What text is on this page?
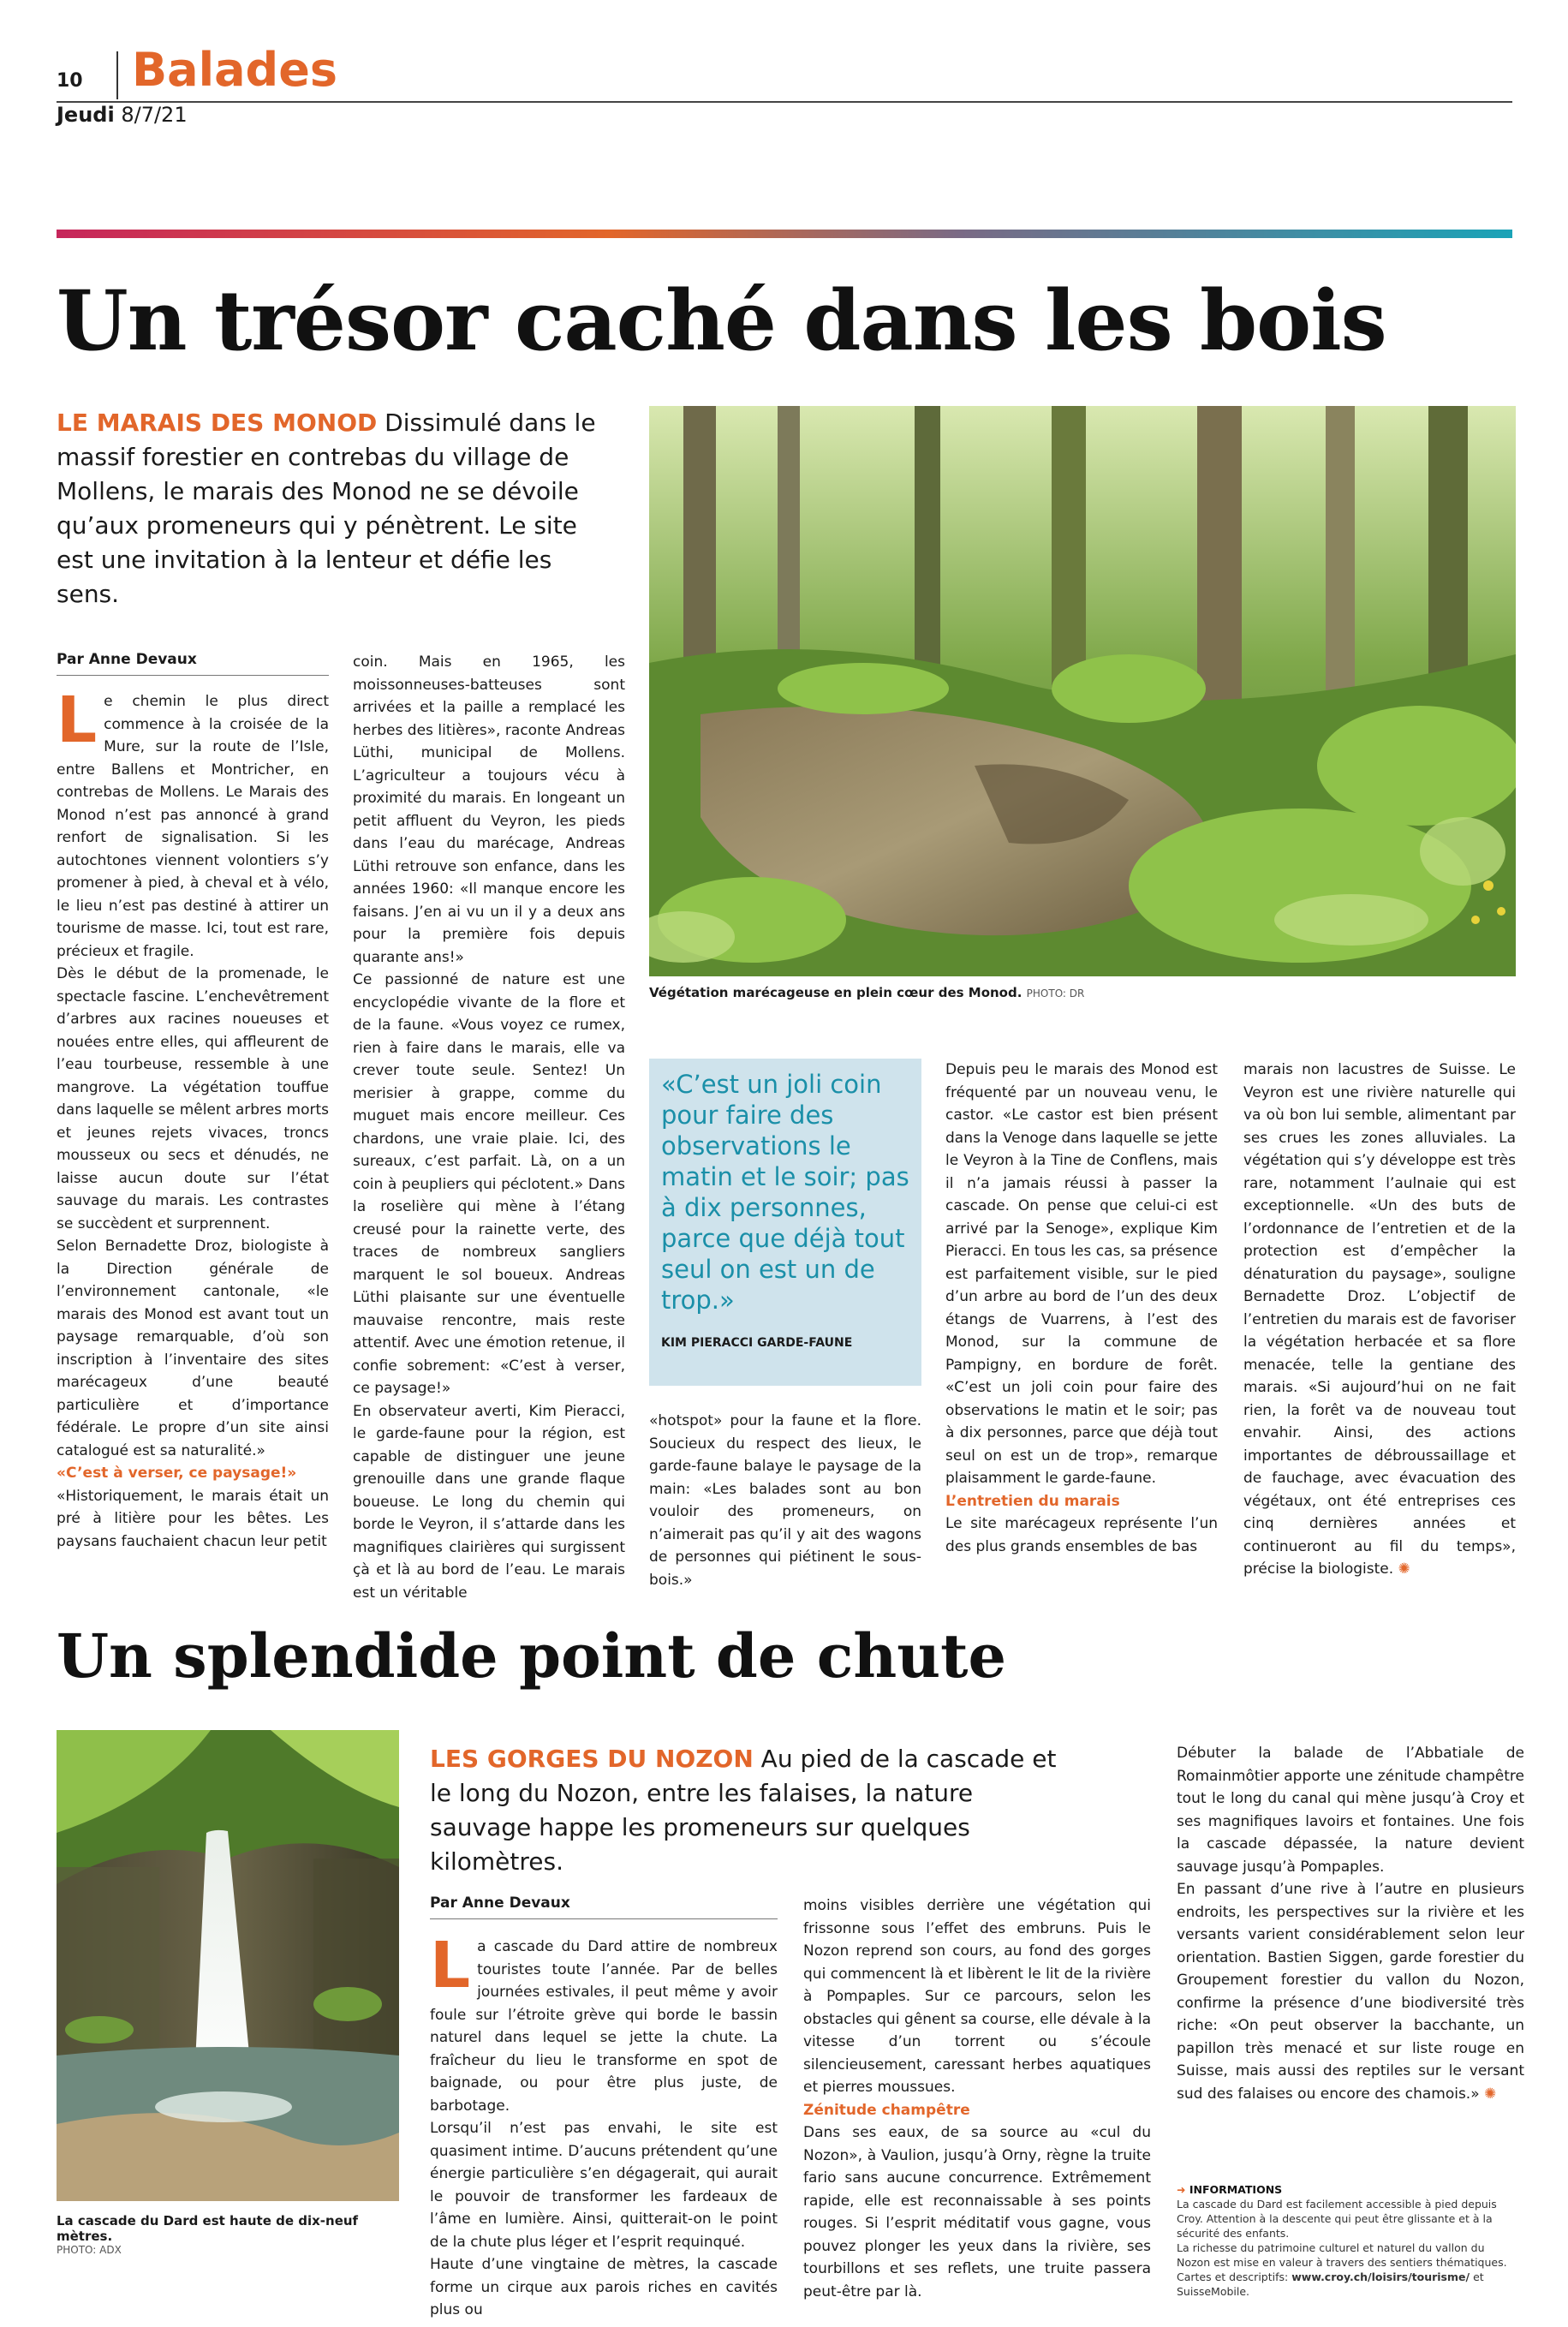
10 Balades
Jeudi 8/7/21
Un trésor caché dans les bois
LE MARAIS DES MONOD Dissimulé dans le massif forestier en contrebas du village de Mollens, le marais des Monod ne se dévoile qu’aux promeneurs qui y pénètrent. Le site est une invitation à la lenteur et défie les sens.
Végétation marécageuse en plein cœur des Monod. PHOTO: DR
Par Anne Devaux

Le chemin le plus direct commence à la croisée de la Mure, sur la route de l’Isle, entre Ballens et Montricher, en contrebas de Mollens. Le Marais des Monod n’est pas annoncé à grand renfort de signalisation. Si les autochtones viennent volontiers s’y promener à pied, à cheval et à vélo, le lieu n’est pas destiné à attirer un tourisme de masse. Ici, tout est rare, précieux et fragile.

Dès le début de la promenade, le spectacle fascine. L’enchevêtrement d’arbres aux racines noueuses et nouées entre elles, qui affleurent de l’eau tourbeuse, ressemble à une mangrove. La végétation touffue dans laquelle se mêlent arbres morts et jeunes rejets vivaces, troncs mousseux ou secs et dénudés, ne laisse aucun doute sur l’état sauvage du marais. Les contrastes se succèdent et surprennent.

Selon Bernadette Droz, biologiste à la Direction générale de l’environnement cantonale, «le marais des Monod est avant tout un paysage remarquable, d’où son inscription à l’inventaire des sites marécageux d’une beauté particulière et d’importance fédérale. Le propre d’un site ainsi catalogué est sa naturalité.»

«C’est à verser, ce paysage!»

«Historiquement, le marais était un pré à litière pour les bêtes. Les paysans fauchaient chacun leur petit

coin. Mais en 1965, les moissonneuses-batteuses sont arrivées et la paille a remplacé les herbes des litières», raconte Andreas Lüthi, municipal de Mollens. L’agriculteur a toujours vécu à proximité du marais. En longeant un petit affluent du Veyron, les pieds dans l’eau du marécage, Andreas Lüthi retrouve son enfance, dans les années 1960: «Il manque encore les faisans. J’en ai vu un il y a deux ans pour la première fois depuis quarante ans!»

Ce passionné de nature est une encyclopédie vivante de la flore et de la faune. «Vous voyez ce rumex, rien à faire dans le marais, elle va crever toute seule. Sentez! Un merisier à grappe, comme du muguet mais encore meilleur. Ces chardons, une vraie plaie. Ici, des sureaux, c’est parfait. Là, on a un coin à peupliers qui péclotent.» Dans la roselière qui mène à l’étang creusé pour la rainette verte, des traces de nombreux sangliers marquent le sol boueux. Andreas Lüthi plaisante sur une éventuelle mauvaise rencontre, mais reste attentif. Avec une émotion retenue, il confie sobrement: «C’est à verser, ce paysage!»

En observateur averti, Kim Pieracci, le garde-faune pour la région, est capable de distinguer une jeune grenouille dans une grande flaque boueuse. Le long du chemin qui borde le Veyron, il s’attarde dans les magnifiques clairières qui surgissent çà et là au bord de l’eau. Le marais est un véritable

«C’est un joli coin pour faire des observations le matin et le soir; pas à dix personnes, parce que déjà tout seul on est un de trop.»
KIM PIERACCI GARDE-FAUNE

«hotspot» pour la faune et la flore. Soucieux du respect des lieux, le garde-faune balaye le paysage de la main: «Les balades sont au bon vouloir des promeneurs, on n’aimerait pas qu’il y ait des wagons de personnes qui piétinent le sous-bois.»

Depuis peu le marais des Monod est fréquenté par un nouveau venu, le castor. «Le castor est bien présent dans la Venoge dans laquelle se jette le Veyron à la Tine de Conflens, mais il n’a jamais réussi à passer la cascade. On pense que celui-ci est arrivé par la Senoge», explique Kim Pieracci. En tous les cas, sa présence est parfaitement visible, sur le pied d’un arbre au bord de l’un des deux étangs de Vuarrens, à l’est des Monod, sur la commune de Pampigny, en bordure de forêt. «C’est un joli coin pour faire des observations le matin et le soir; pas à dix personnes, parce que déjà tout seul on est un de trop», remarque plaisamment le garde-faune.

L’entretien du marais

Le site marécageux représente l’un des plus grands ensembles de bas

marais non lacustres de Suisse. Le Veyron est une rivière naturelle qui va où bon lui semble, alimentant par ses crues les zones alluviales. La végétation qui s’y développe est très rare, notamment l’aulnaie qui est exceptionnelle. «Un des buts de l’ordonnance de l’entretien et de la protection est d’empêcher la dénaturation du paysage», souligne Bernadette Droz. L’objectif de l’entretien du marais est de favoriser la végétation herbacée et sa flore menacée, telle la gentiane des marais. «Si aujourd’hui on ne fait rien, la forêt va de nouveau tout envahir. Ainsi, des actions importantes de débroussaillage et de fauchage, avec évacuation des végétaux, ont été entreprises ces cinq dernières années et continueront au fil du temps», précise la biologiste. ✺

Un splendide point de chute
La cascade du Dard est haute de dix-neuf mètres.
PHOTO: ADX
LES GORGES DU NOZON Au pied de la cascade et le long du Nozon, entre les falaises, la nature sauvage happe les promeneurs sur quelques kilomètres.
Par Anne Devaux

La cascade du Dard attire de nombreux touristes toute l’année. Par de belles journées estivales, il peut même y avoir foule sur l’étroite grève qui borde le bassin naturel dans lequel se jette la chute. La fraîcheur du lieu le transforme en spot de baignade, ou pour être plus juste, de barbotage.

Lorsqu’il n’est pas envahi, le site est quasiment intime. D’aucuns prétendent qu’une énergie particulière s’en dégagerait, qui aurait le pouvoir de transformer les fardeaux de l’âme en lumière. Ainsi, quitterait-on le point de la chute plus léger et l’esprit requinqué.

Haute d’une vingtaine de mètres, la cascade forme un cirque aux parois riches en cavités plus ou

moins visibles derrière une végétation qui frissonne sous l’effet des embruns. Puis le Nozon reprend son cours, au fond des gorges qui commencent là et libèrent le lit de la rivière à Pompaples. Sur ce parcours, selon les obstacles qui gênent sa course, elle dévale à la vitesse d’un torrent ou s’écoule silencieusement, caressant herbes aquatiques et pierres moussues.

Zénitude champêtre

Dans ses eaux, de sa source au «cul du Nozon», à Vaulion, jusqu’à Orny, règne la truite fario sans aucune concurrence. Extrêmement rapide, elle est reconnaissable à ses points rouges. Si l’esprit méditatif vous gagne, vous pouvez plonger les yeux dans la rivière, ses tourbillons et ses reflets, une truite passera peut-être par là.

Débuter la balade de l’Abbatiale de Romainmôtier apporte une zénitude champêtre tout le long du canal qui mène jusqu’à Croy et ses magnifiques lavoirs et fontaines. Une fois la cascade dépassée, la nature devient sauvage jusqu’à Pompaples.

En passant d’une rive à l’autre en plusieurs endroits, les perspectives sur la rivière et les versants varient considérablement selon leur orientation. Bastien Siggen, garde forestier du Groupement forestier du vallon du Nozon, confirme la présence d’une biodiversité très riche: «On peut observer la bacchante, un papillon très menacé et sur liste rouge en Suisse, mais aussi des reptiles sur le versant sud des falaises ou encore des chamois.» ✺

➜ INFORMATIONS
La cascade du Dard est facilement accessible à pied depuis Croy. Attention à la descente qui peut être glissante et à la sécurité des enfants.
La richesse du patrimoine culturel et naturel du vallon du Nozon est mise en valeur à travers des sentiers thématiques.
Cartes et descriptifs: www.croy.ch/loisirs/tourisme/ et SuisseMobile.
